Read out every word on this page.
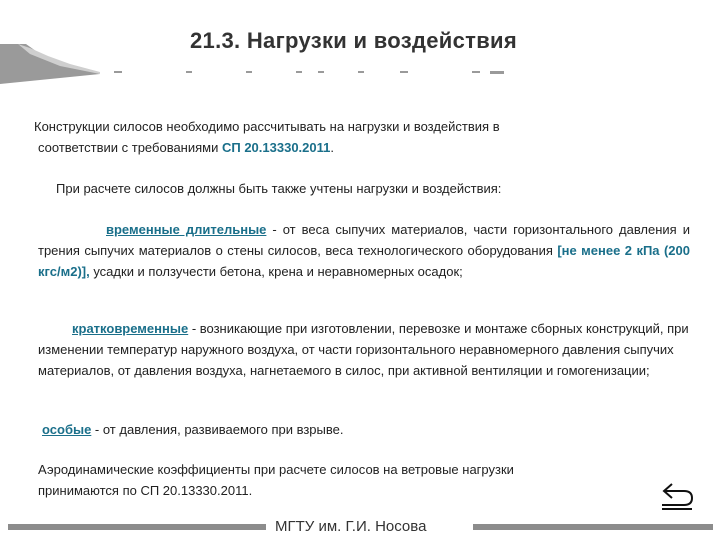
21.3. Нагрузки и воздействия
Конструкции силосов необходимо рассчитывать на нагрузки и воздействия в
соответствии с требованиями СП 20.13330.2011.
При расчете силосов должны быть также учтены нагрузки и воздействия:
временные длительные - от веса сыпучих материалов, части горизонтального давления и трения сыпучих материалов о стены силосов, веса технологического оборудования [не менее 2 кПа (200 кгс/м2)], усадки и ползучести бетона, крена и неравномерных осадок;
кратковременные - возникающие при изготовлении, перевозке и монтаже сборных конструкций, при изменении температур наружного воздуха, от части горизонтального неравномерного давления сыпучих материалов, от давления воздуха, нагнетаемого в силос, при активной вентиляции и гомогенизации;
особые - от давления, развиваемого при взрыве.
Аэродинамические коэффициенты при расчете силосов на ветровые нагрузки
принимаются по СП 20.13330.2011.
МГТУ им. Г.И. Носова
